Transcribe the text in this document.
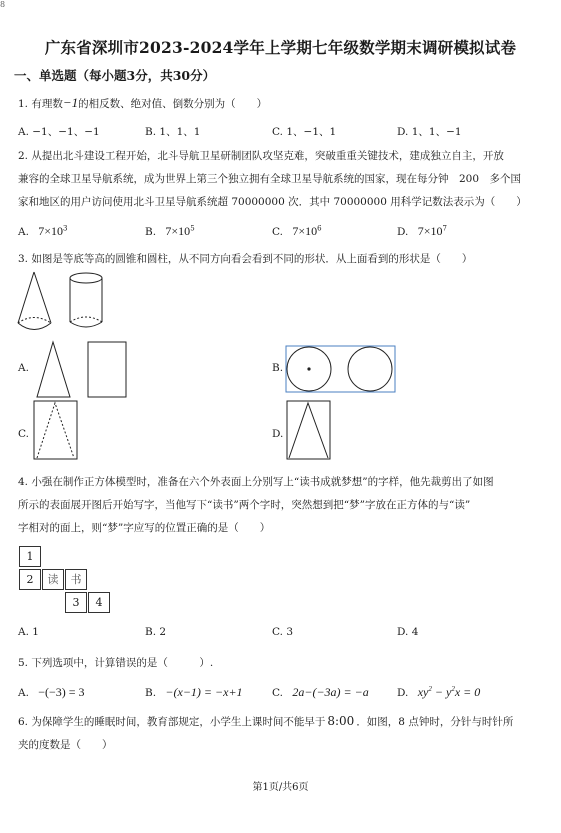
8
广东省深圳市2023-2024学年上学期七年级数学期末调研模拟试卷
一、单选题（每小题3分，共30分）
1. 有理数−1的相反数、绝对值、倒数分别为（　　）
A. −1、−1、−1	B. 1、1、1	C. 1、−1、1	D. 1、1、−1
2. 从提出北斗建设工程开始，北斗导航卫星研制团队攻坚克难，突破重重关键技术，建成独立自主，开放
兼容的全球卫星导航系统，成为世界上第三个独立拥有全球卫星导航系统的国家，现在每分钟　200　多个国
家和地区的用户访问使用北斗卫星导航系统超 70000000 次．其中 70000000 用科学记数法表示为（　　）
A. $7\times 10^3$	B. $7\times 10^5$	C. $7\times 10^6$	D. $7\times 10^7$
3. 如图是等底等高的圆锥和圆柱，从不同方向看会看到不同的形状．从上面看到的形状是（　　）
A.	B.
C.	D.
4. 小强在制作正方体模型时，准备在六个外表面上分别写上“读书成就梦想”的字样，他先裁剪出了如图
所示的表面展开图后开始写字，当他写下“读书”两个字时，突然想到把“梦”字放在正方体的与“读”
字相对的面上，则“梦”字应写的位置正确的是（　　）
1
2	读	书
4
3
A. 1	B. 2	C. 3	D. 4
5. 下列选项中，计算错误的是（　　　）.
A. −(−3) = 3	B. −(x−1) = −x+1	C. 2a−(−3a) = −a	D. $xy^2 - y^2x = 0$
6. 为保障学生的睡眠时间，教育部规定，小学生上课时间不能早于 8:00 ．如图，8 点钟时，分针与时针所
夹的度数是（　　）
第1页/共6页
